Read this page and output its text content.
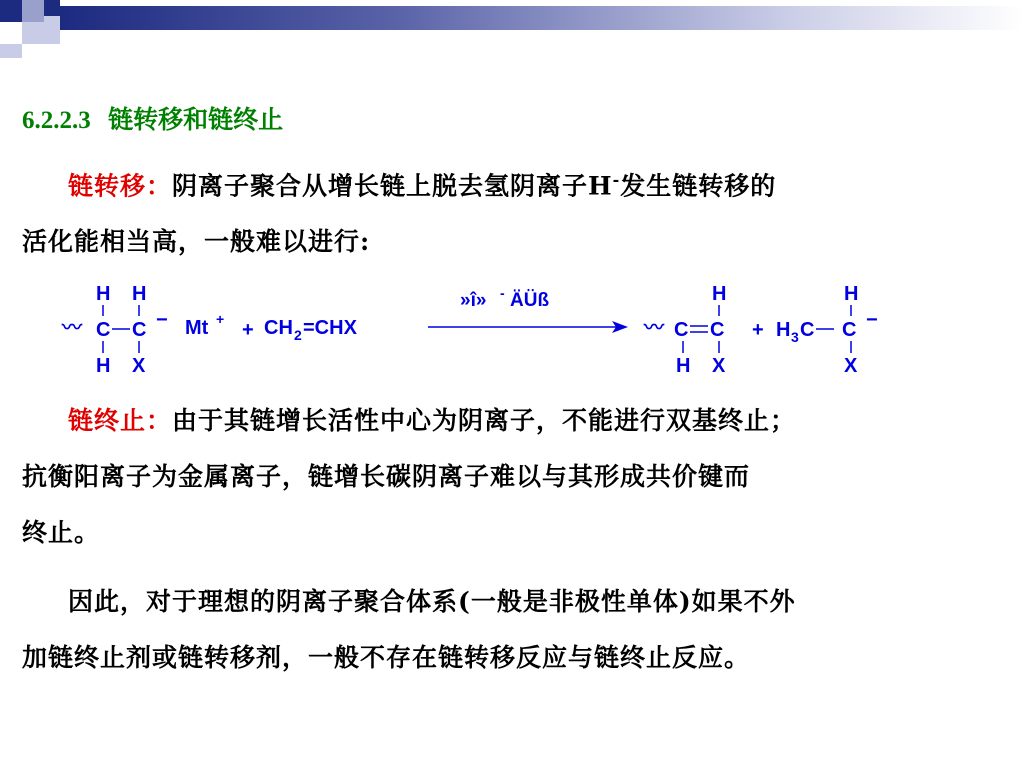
6.2.2.3 链转移和链终止
链转移：阴离子聚合从增长链上脱去氢阴离子H-发生链转移的
活化能相当高，一般难以进行:
〰
H H
C C −
H X
Mt + + CH 2 =CHX
»î» - ÄÜß
〰
H
C C
H X
+ H 3 C
H
C −
X
链终止：由于其链增长活性中心为阴离子，不能进行双基终止；
抗衡阳离子为金属离子，链增长碳阴离子难以与其形成共价键而
终止。
因此，对于理想的阴离子聚合体系(一般是非极性单体)如果不外
加链终止剂或链转移剂，一般不存在链转移反应与链终止反应。
